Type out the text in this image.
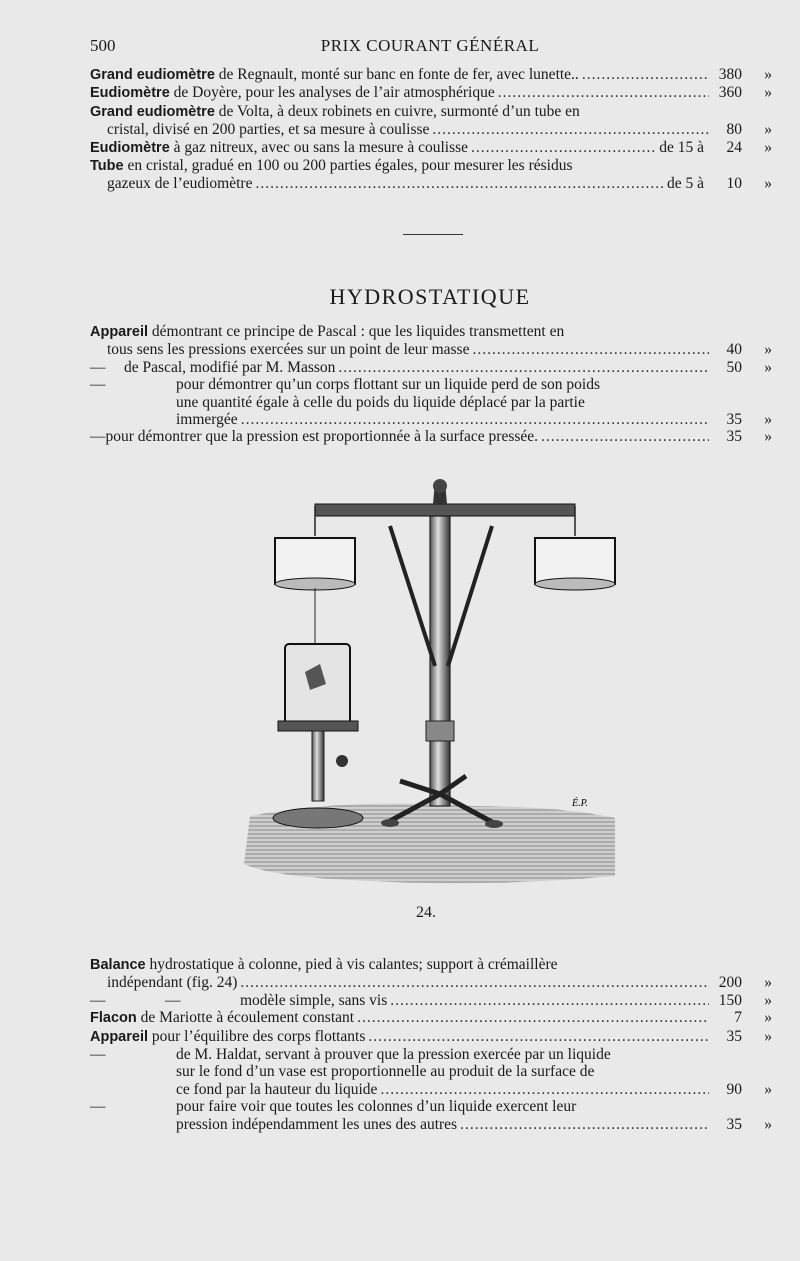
500	PRIX COURANT GÉNÉRAL
Grand eudiomètre de Regnault, monté sur banc en fonte de fer, avec lunette.. .....	380	»
Eudiomètre de Doyère, pour les analyses de l’air atmosphérique .....	360	»
Grand eudiomètre de Volta, à deux robinets en cuivre, surmonté d’un tube en
cristal, divisé en 200 parties, et sa mesure à coulisse .....	80	»
Eudiomètre à gaz nitreux, avec ou sans la mesure à coulisse .....	de 15 à	24	»
Tube en cristal, gradué en 100 ou 200 parties égales, pour mesurer les résidus
gazeux de l’eudiomètre .....	de 5 à	10	»
HYDROSTATIQUE
Appareil démontrant ce principe de Pascal : que les liquides transmettent en
tous sens les pressions exercées sur un point de leur masse .....	40	»
—	de Pascal, modifié par M. Masson .....	50	»
—	pour démontrer qu’un corps flottant sur un liquide perd de son poids
une quantité égale à celle du poids du liquide déplacé par la partie
immergée .....	35	»
— pour démontrer que la pression est proportionnée à la surface pressée. .....	35	»
É.P.
24.
Balance hydrostatique à colonne, pied à vis calantes; support à crémaillère
indépendant (fig. 24) .....	200	»
—	—	modèle simple, sans vis .....	150	»
Flacon de Mariotte à écoulement constant .....	7	»
Appareil pour l’équilibre des corps flottants .....	35	»
—	de M. Haldat, servant à prouver que la pression exercée par un liquide
sur le fond d’un vase est proportionnelle au produit de la surface de
ce fond par la hauteur du liquide .....	90	»
—	pour faire voir que toutes les colonnes d’un liquide exercent leur
pression indépendamment les unes des autres .....	35	»
